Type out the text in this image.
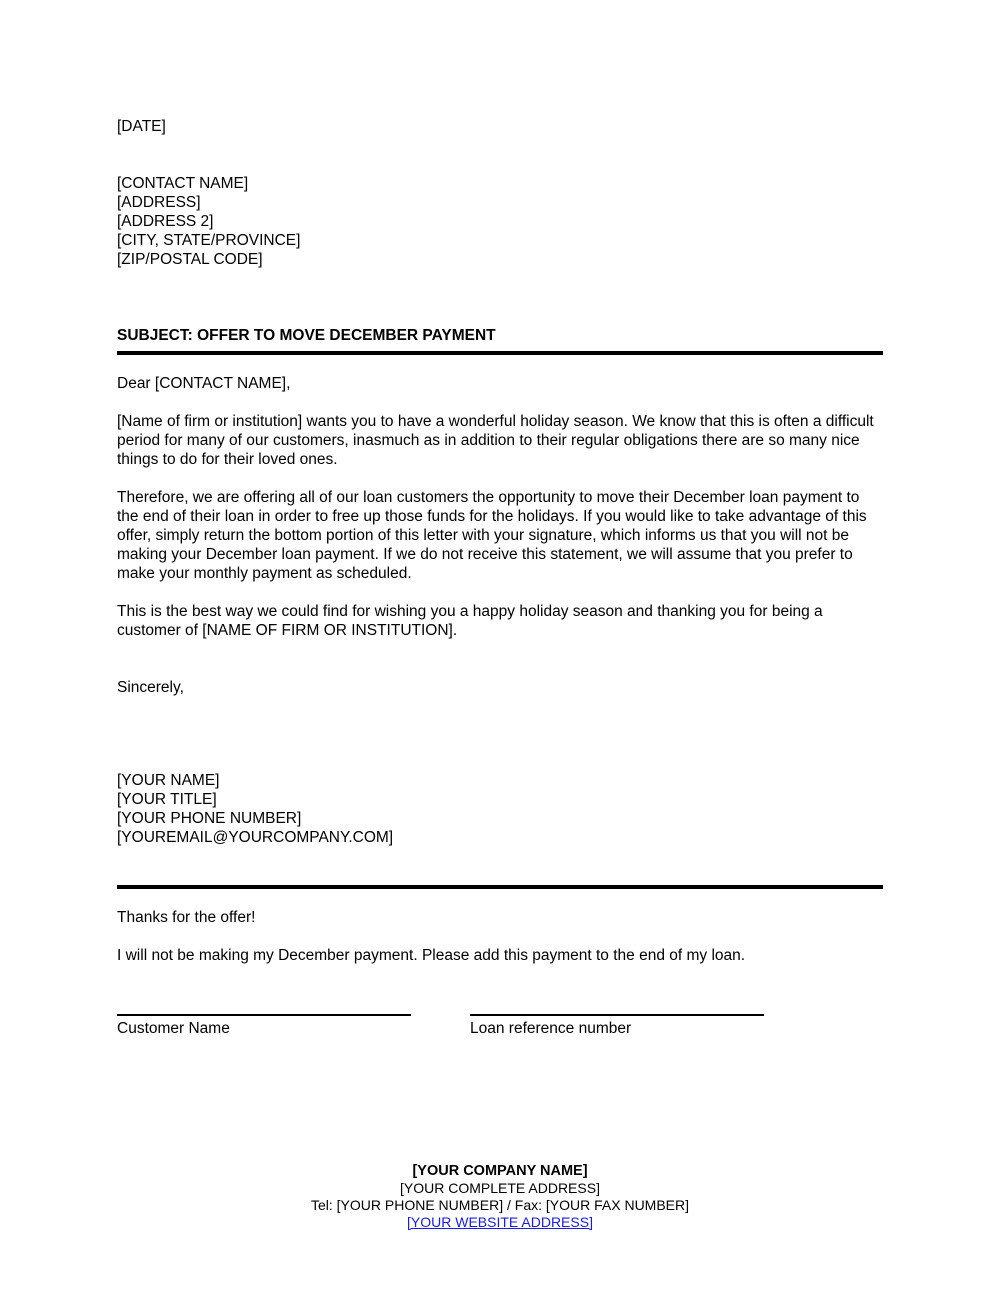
[DATE]
[CONTACT NAME]
[ADDRESS]
[ADDRESS 2]
[CITY, STATE/PROVINCE]
[ZIP/POSTAL CODE]
SUBJECT: OFFER TO MOVE DECEMBER PAYMENT
Dear [CONTACT NAME],

[Name of firm or institution] wants you to have a wonderful holiday season. We know that this is often a difficult period for many of our customers, inasmuch as in addition to their regular obligations there are so many nice things to do for their loved ones.

Therefore, we are offering all of our loan customers the opportunity to move their December loan payment to the end of their loan in order to free up those funds for the holidays. If you would like to take advantage of this offer, simply return the bottom portion of this letter with your signature, which informs us that you will not be making your December loan payment. If we do not receive this statement, we will assume that you prefer to make your monthly payment as scheduled.

This is the best way we could find for wishing you a happy holiday season and thanking you for being a customer of [NAME OF FIRM OR INSTITUTION].

Sincerely,
[YOUR NAME]
[YOUR TITLE]
[YOUR PHONE NUMBER]
[YOUREMAIL@YOURCOMPANY.COM]
Thanks for the offer!
I will not be making my December payment. Please add this payment to the end of my loan.
Customer Name	Loan reference number
[YOUR COMPANY NAME]
[YOUR COMPLETE ADDRESS]
Tel: [YOUR PHONE NUMBER] / Fax: [YOUR FAX NUMBER]
[YOUR WEBSITE ADDRESS]
